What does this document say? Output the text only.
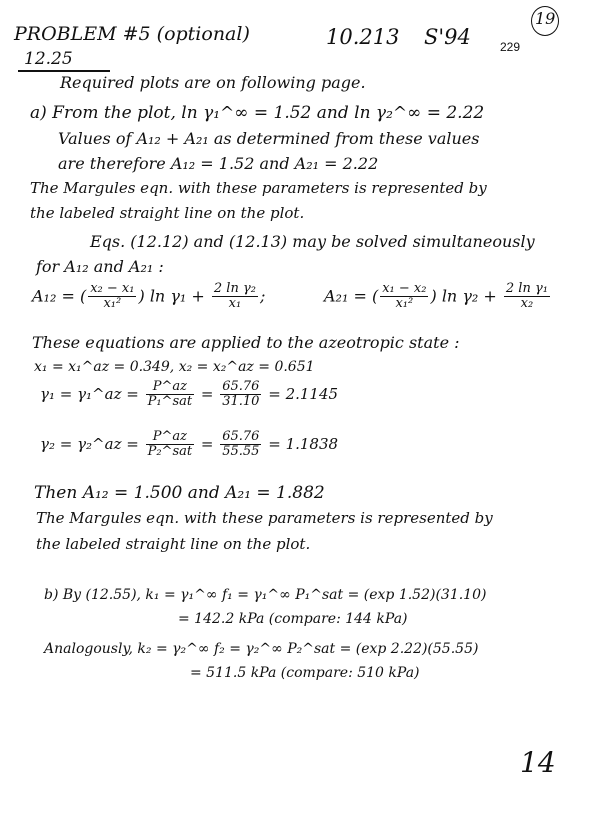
PROBLEM #5 (optional)
12.25
10.213 S'94 229
19
Required plots are on following page.
a) From the plot, ln γ₁^∞ = 1.52 and ln γ₂^∞ = 2.22
Values of A₁₂ + A₂₁ as determined from these values
are therefore A₁₂ = 1.52 and A₂₁ = 2.22
The Margules eqn. with these parameters is represented by
the labeled straight line on the plot.
Eqs. (12.12) and (12.13) may be solved simultaneously
for A₁₂ and A₂₁ :
A₁₂ = ( $\frac{\text{x₂ − x₁}}{\text{x₁²}}$ ) $\ln \gamma_1 + \frac{\text{2 ln γ₂}}{\text{x₁}}$ ;	A₂₁ = ( $\frac{\text{x₁ − x₂}}{\text{x₁²}}$ ) $\ln \gamma_2 + \frac{\text{2 ln γ₁}}{\text{x₂}}$
These equations are applied to the azeotropic state :
x₁ = x₁^az = 0.349, x₂ = x₂^az = 0.651
γ₁ = γ₁^az = $\frac{P\^{}az}{\text{P₁\textasciicircum{}sat}} = \frac{65.76}{31.10} = 2.1145$
γ₂ = γ₂^az = $\frac{P\^{}az}{\text{P₂\textasciicircum{}sat}} = \frac{65.76}{55.55} = 1.1838$
Then A₁₂ = 1.500 and A₂₁ = 1.882
The Margules eqn. with these parameters is represented by
the labeled straight line on the plot.
b) By (12.55), k₁ = γ₁^∞ f₁ = γ₁^∞ P₁^sat = (exp 1.52)(31.10)
= 142.2 kPa (compare: 144 kPa)
Analogously, k₂ = γ₂^∞ f₂ = γ₂^∞ P₂^sat = (exp 2.22)(55.55)
= 511.5 kPa (compare: 510 kPa)
14
